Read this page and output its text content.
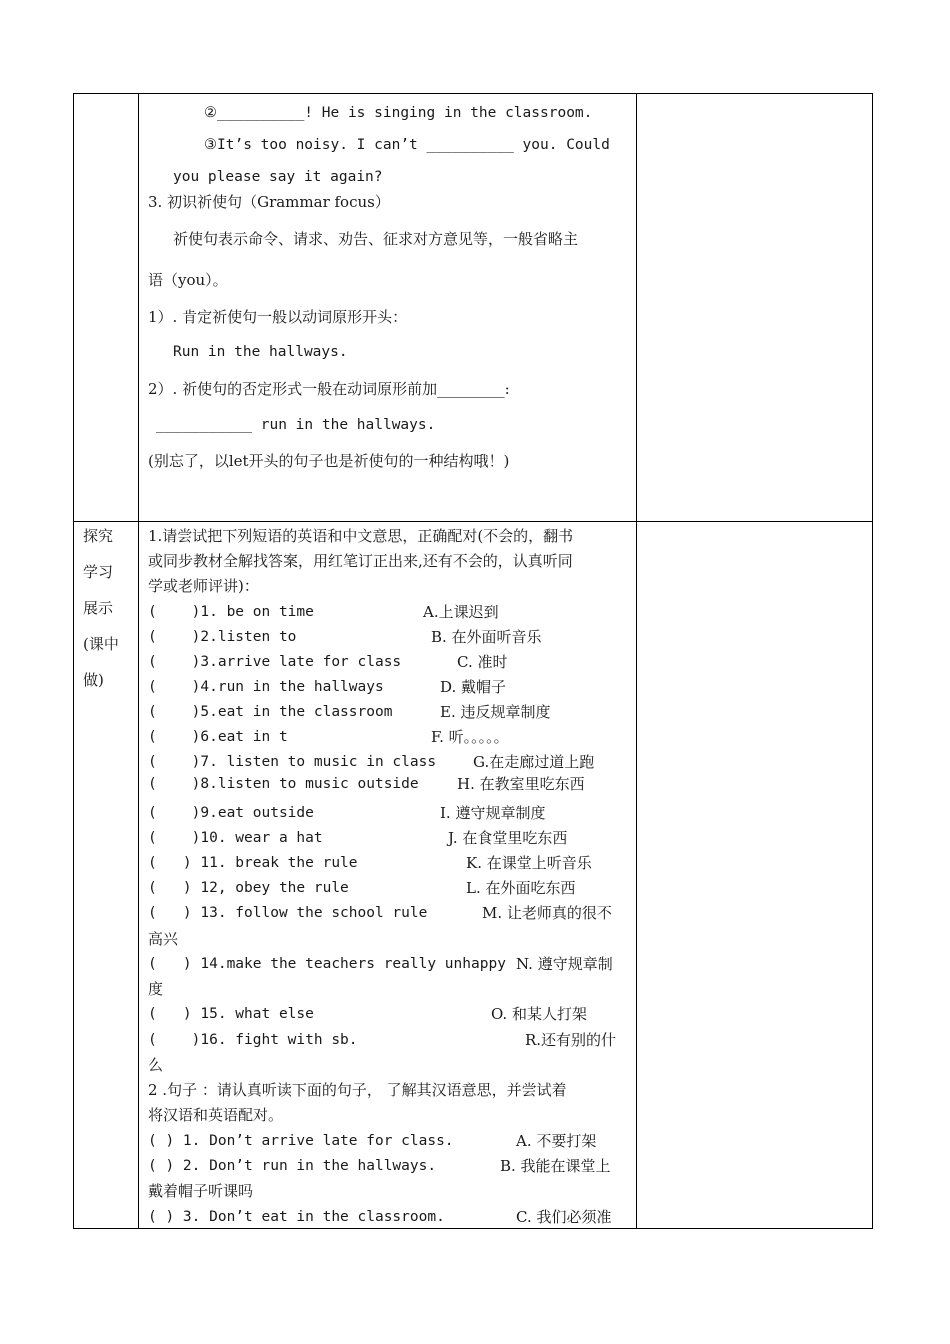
②__________! He is singing in the classroom.
③It’s too noisy. I can’t __________ you. Could
you please say it again?
3. 初识祈使句（Grammar focus）
祈使句表示命令、请求、劝告、征求对方意见等，一般省略主
语（you）。
1）. 肯定祈使句一般以动词原形开头：
Run in the hallways.
2）. 祈使句的否定形式一般在动词原形前加_________:
___________ run in the hallways.
(别忘了，以let开头的句子也是祈使句的一种结构哦！)
探究
学习
展示
(课中
做)
1.请尝试把下列短语的英语和中文意思，正确配对(不会的，翻书
或同步教材全解找答案，用红笔订正出来,还有不会的，认真听同
学或老师评讲)：
(    )1. be on time	A.上课迟到
(    )2.listen to	B. 在外面听音乐
(    )3.arrive late for class	C. 准时
(    )4.run in the hallways	D. 戴帽子
(    )5.eat in the classroom	E. 违反规章制度
(    )6.eat in t	F. 听。。。。。
(    )7. listen to music in class G.在走廊过道上跑
(    )8.listen to music outside	H. 在教室里吃东西
(    )9.eat outside	I. 遵守规章制度
(    )10. wear a hat	J. 在食堂里吃东西
(   ) 11. break the rule	K. 在课堂上听音乐
(   ) 12, obey the rule	L. 在外面吃东西
(   ) 13. follow the school rule	M. 让老师真的很不
高兴
(   ) 14.make the teachers really unhappy N. 遵守规章制
度
(   ) 15. what else	O. 和某人打架
(    )16. fight with sb.	R.还有别的什
么
2 .句子 ：请认真听读下面的句子， 了解其汉语意思，并尝试着
将汉语和英语配对。
( ) 1. Don’t arrive late for class.	A. 不要打架
( ) 2. Don’t run in the hallways.	B. 我能在课堂上
戴着帽子听课吗
( ) 3. Don’t eat in the classroom.	C. 我们必须准
